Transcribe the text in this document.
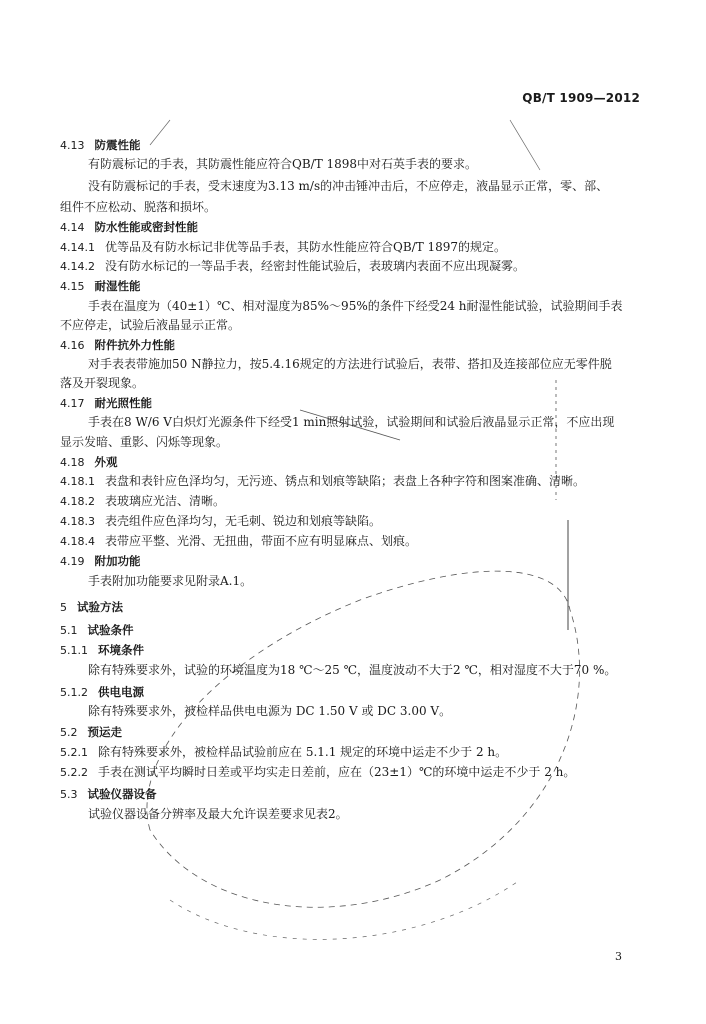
QB/T 1909—2012
4.13 防震性能
有防震标记的手表，其防震性能应符合QB/T 1898中对石英手表的要求。
没有防震标记的手表，受末速度为3.13 m/s的冲击锤冲击后，不应停走，液晶显示正常，零、部、
组件不应松动、脱落和损坏。
4.14 防水性能或密封性能
4.14.1 优等品及有防水标记非优等品手表，其防水性能应符合QB/T 1897的规定。
4.14.2 没有防水标记的一等品手表，经密封性能试验后，表玻璃内表面不应出现凝雾。
4.15 耐湿性能
手表在温度为（40±1）℃、相对湿度为85%～95%的条件下经受24 h耐湿性能试验，试验期间手表
不应停走，试验后液晶显示正常。
4.16 附件抗外力性能
对手表表带施加50 N静拉力，按5.4.16规定的方法进行试验后，表带、搭扣及连接部位应无零件脱
落及开裂现象。
4.17 耐光照性能
手表在8 W/6 V白炽灯光源条件下经受1 min照射试验，试验期间和试验后液晶显示正常，不应出现
显示发暗、重影、闪烁等现象。
4.18 外观
4.18.1 表盘和表针应色泽均匀，无污迹、锈点和划痕等缺陷；表盘上各种字符和图案准确、清晰。
4.18.2 表玻璃应光洁、清晰。
4.18.3 表壳组件应色泽均匀，无毛刺、锐边和划痕等缺陷。
4.18.4 表带应平整、光滑、无扭曲，带面不应有明显麻点、划痕。
4.19 附加功能
手表附加功能要求见附录A.1。
5 试验方法
5.1 试验条件
5.1.1 环境条件
除有特殊要求外，试验的环境温度为18 ℃～25 ℃，温度波动不大于2 ℃，相对湿度不大于70 %。
5.1.2 供电电源
除有特殊要求外，被检样品供电电源为 DC 1.50 V 或 DC 3.00 V。
5.2 预运走
5.2.1 除有特殊要求外，被检样品试验前应在 5.1.1 规定的环境中运走不少于 2 h。
5.2.2 手表在测试平均瞬时日差或平均实走日差前，应在（23±1）℃的环境中运走不少于 2 h。
5.3 试验仪器设备
试验仪器设备分辨率及最大允许误差要求见表2。
3
